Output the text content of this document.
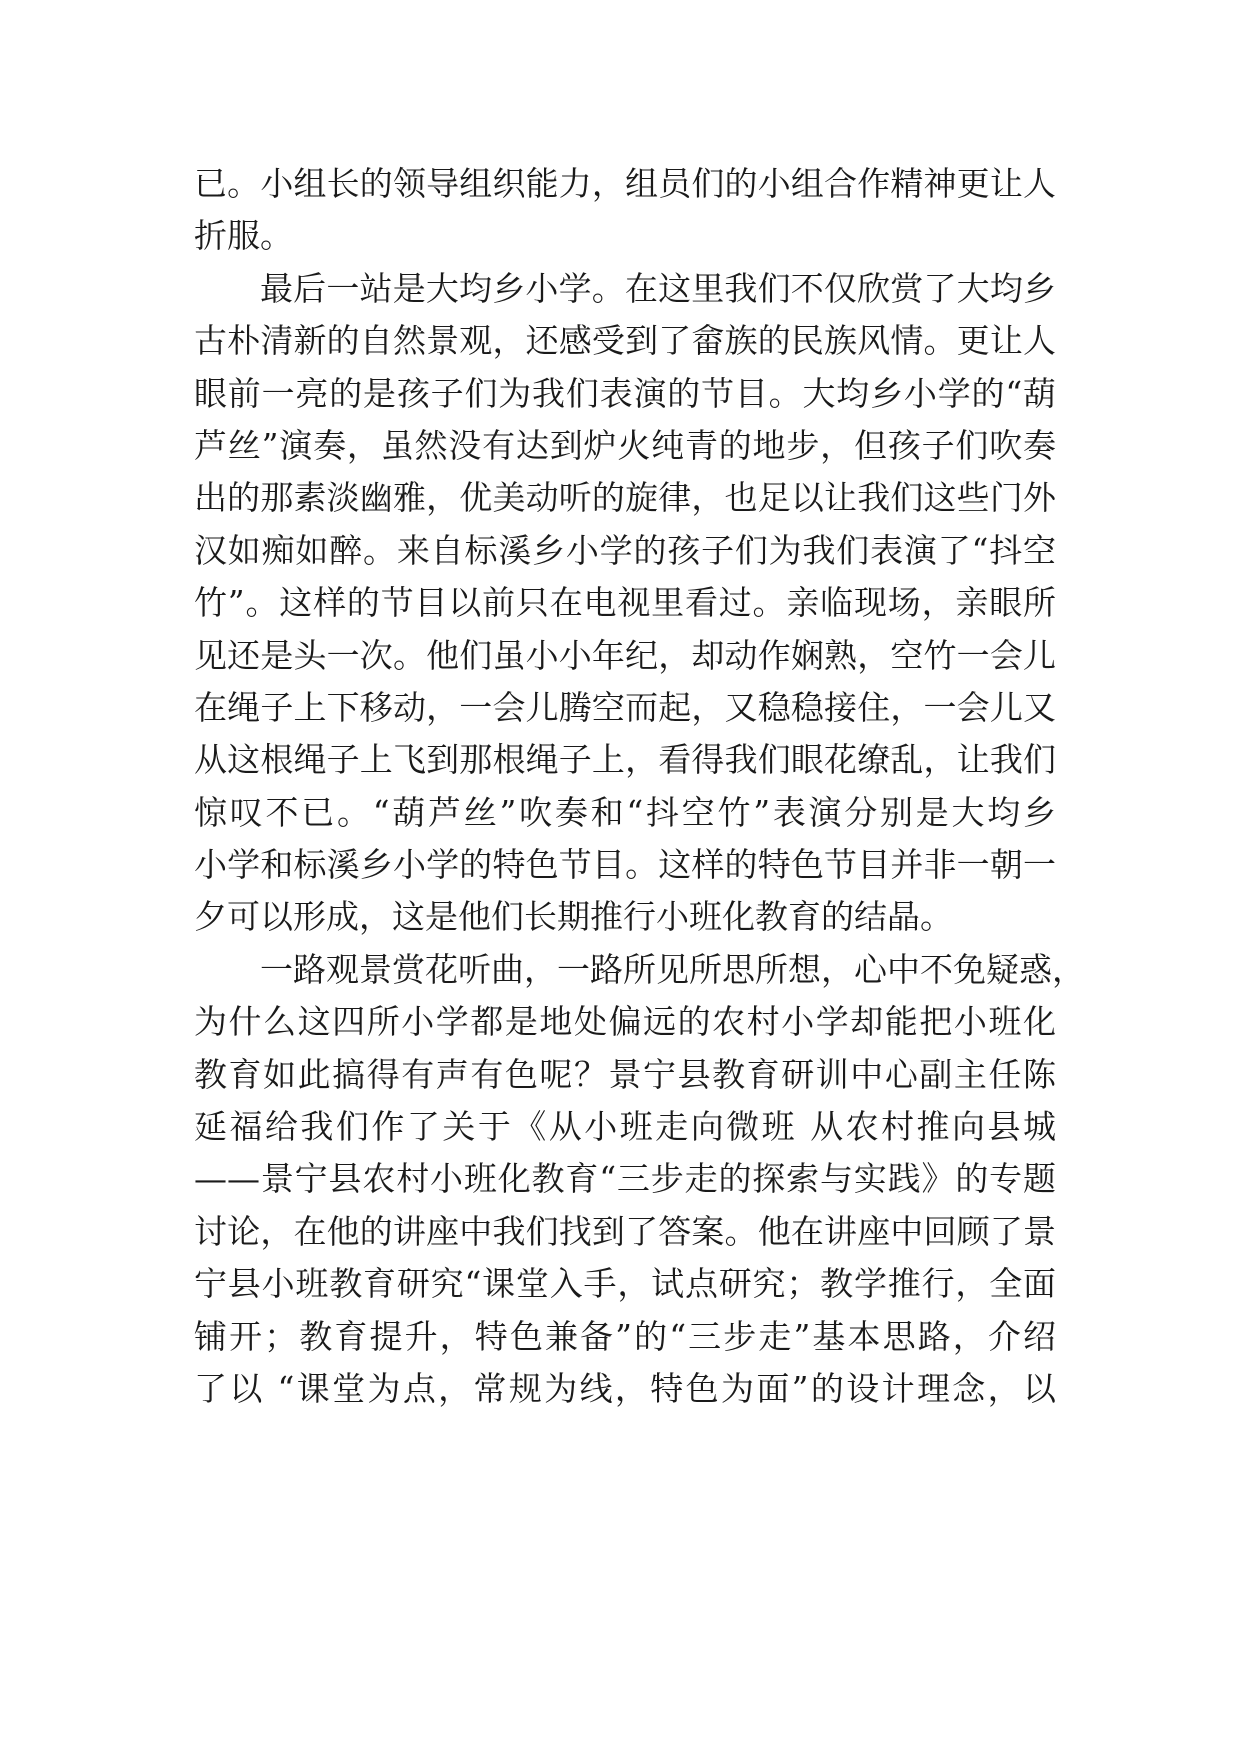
已。小组长的领导组织能力，组员们的小组合作精神更让人
折服。
最后一站是大均乡小学。在这里我们不仅欣赏了大均乡
古朴清新的自然景观，还感受到了畲族的民族风情。更让人
眼前一亮的是孩子们为我们表演的节目。大均乡小学的“葫
芦丝”演奏，虽然没有达到炉火纯青的地步，但孩子们吹奏
出的那素淡幽雅，优美动听的旋律，也足以让我们这些门外
汉如痴如醉。来自标溪乡小学的孩子们为我们表演了“抖空
竹”。这样的节目以前只在电视里看过。亲临现场，亲眼所
见还是头一次。他们虽小小年纪，却动作娴熟，空竹一会儿
在绳子上下移动，一会儿腾空而起，又稳稳接住，一会儿又
从这根绳子上飞到那根绳子上，看得我们眼花缭乱，让我们
惊叹不已。“葫芦丝”吹奏和“抖空竹”表演分别是大均乡
小学和标溪乡小学的特色节目。这样的特色节目并非一朝一
夕可以形成，这是他们长期推行小班化教育的结晶。
一路观景赏花听曲，一路所见所思所想，心中不免疑惑，
为什么这四所小学都是地处偏远的农村小学却能把小班化
教育如此搞得有声有色呢？景宁县教育研训中心副主任陈
延福给我们作了关于《从小班走向微班 从农村推向县城
——景宁县农村小班化教育“三步走的探索与实践》的专题
讨论，在他的讲座中我们找到了答案。他在讲座中回顾了景
宁县小班教育研究“课堂入手，试点研究；教学推行，全面
铺开；教育提升，特色兼备”的“三步走”基本思路，介绍
了以 “课堂为点，常规为线，特色为面”的设计理念，以
